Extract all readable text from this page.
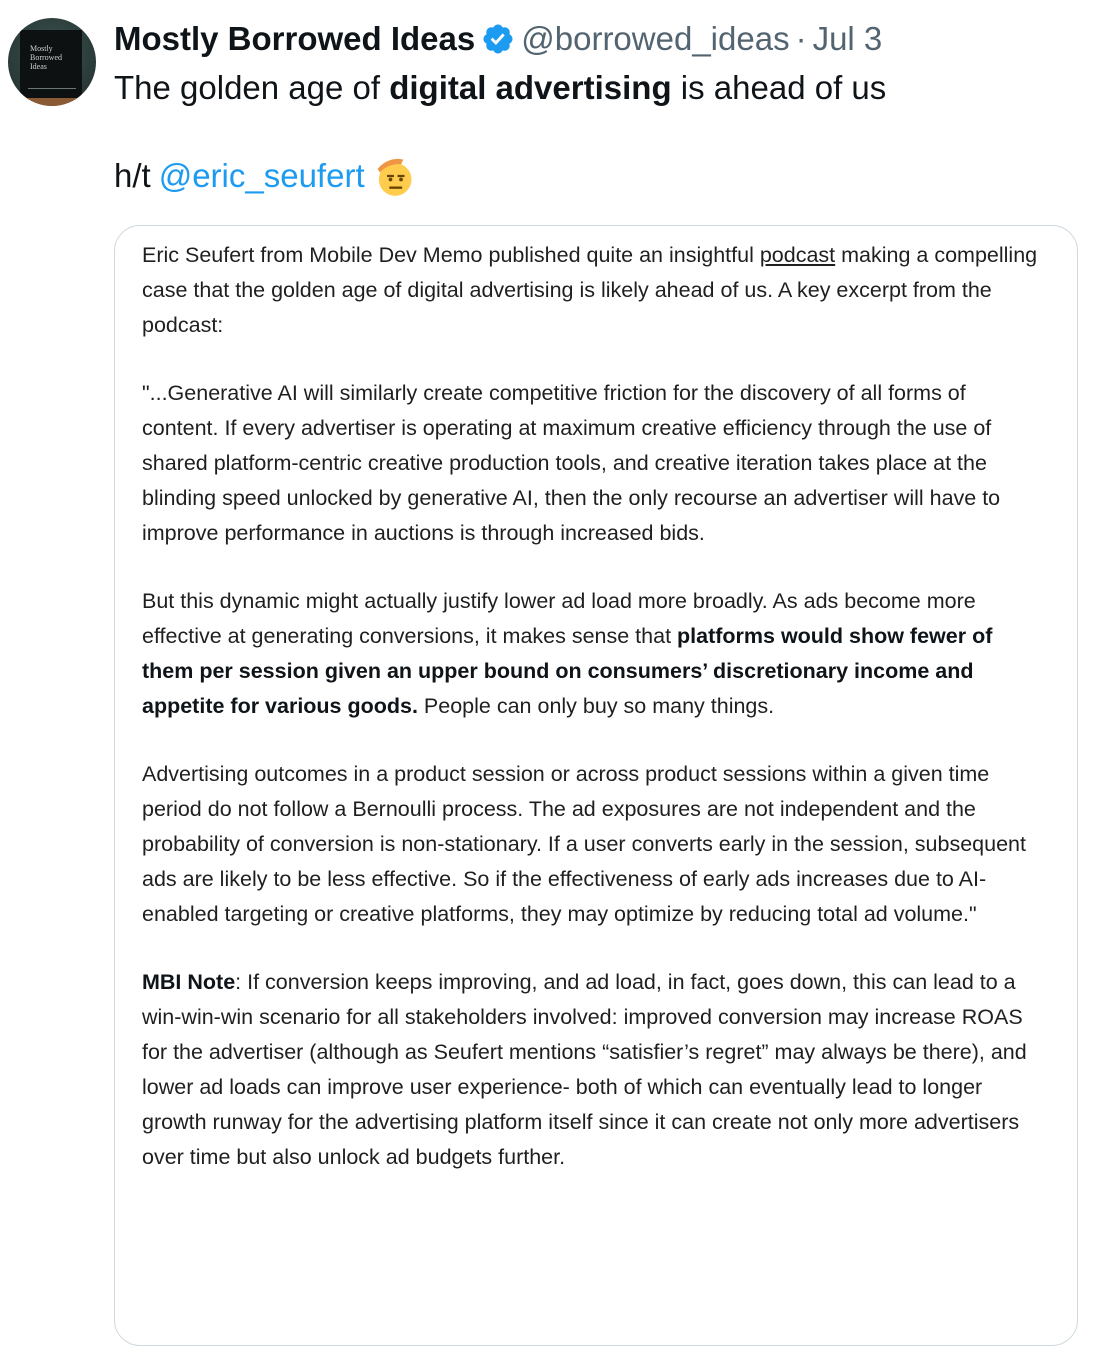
Mostly
Borrowed
Ideas
Mostly Borrowed Ideas @borrowed_ideas · Jul 3
The golden age of digital advertising is ahead of us
h/t @eric_seufert

Eric Seufert from Mobile Dev Memo published quite an insightful podcast making a compelling case that the golden age of digital advertising is likely ahead of us. A key excerpt from the podcast:

"...Generative AI will similarly create competitive friction for the discovery of all forms of content. If every advertiser is operating at maximum creative efficiency through the use of shared platform-centric creative production tools, and creative iteration takes place at the blinding speed unlocked by generative AI, then the only recourse an advertiser will have to improve performance in auctions is through increased bids.

But this dynamic might actually justify lower ad load more broadly. As ads become more effective at generating conversions, it makes sense that platforms would show fewer of them per session given an upper bound on consumers’ discretionary income and appetite for various goods. People can only buy so many things.

Advertising outcomes in a product session or across product sessions within a given time period do not follow a Bernoulli process. The ad exposures are not independent and the probability of conversion is non-stationary. If a user converts early in the session, subsequent ads are likely to be less effective. So if the effectiveness of early ads increases due to AI-enabled targeting or creative platforms, they may optimize by reducing total ad volume."

MBI Note: If conversion keeps improving, and ad load, in fact, goes down, this can lead to a win-win-win scenario for all stakeholders involved: improved conversion may increase ROAS for the advertiser (although as Seufert mentions “satisfier’s regret” may always be there), and lower ad loads can improve user experience- both of which can eventually lead to longer growth runway for the advertising platform itself since it can create not only more advertisers over time but also unlock ad budgets further.
